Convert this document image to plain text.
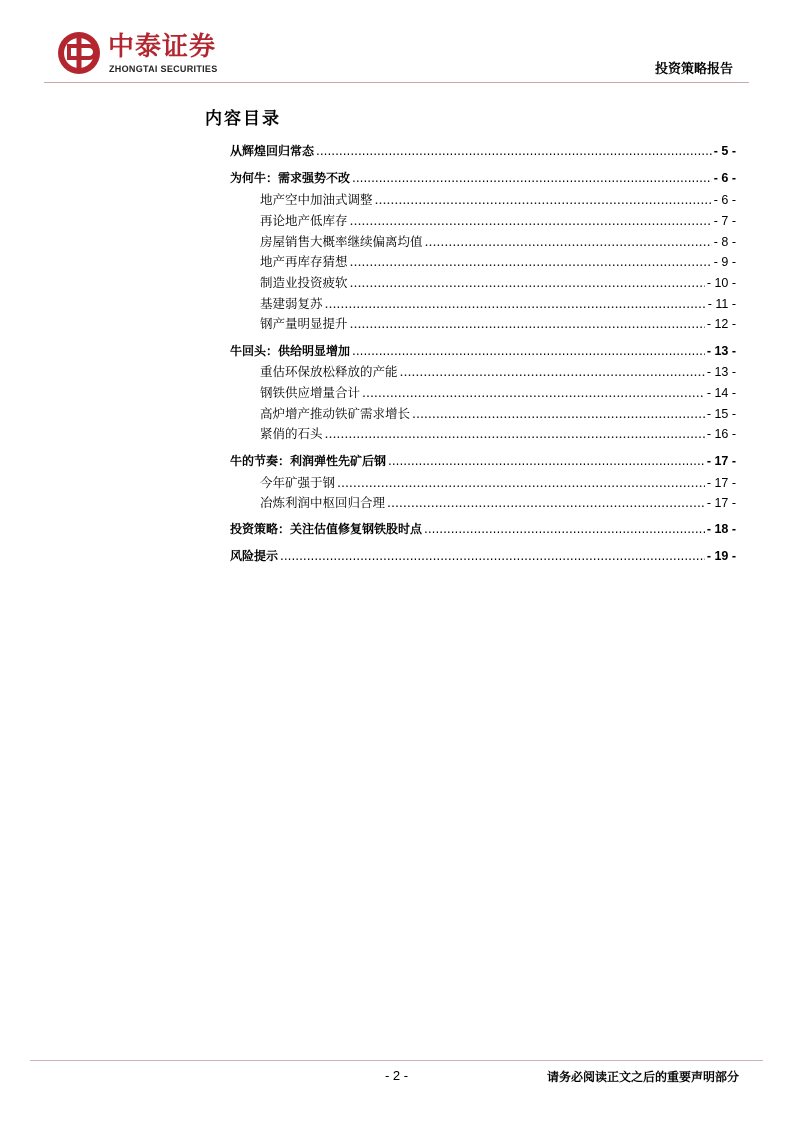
中泰证券
ZHONGTAI SECURITIES	投资策略报告
内容目录
从辉煌回归常态 .....	- 5 -
为何牛：需求强势不改 .....	- 6 -
地产空中加油式调整 .....	- 6 -
再论地产低库存 .....	- 7 -
房屋销售大概率继续偏离均值 .....	- 8 -
地产再库存猜想 .....	- 9 -
制造业投资疲软 .....	- 10 -
基建弱复苏 .....	- 11 -
钢产量明显提升 .....	- 12 -
牛回头：供给明显增加 .....	- 13 -
重估环保放松释放的产能 .....	- 13 -
钢铁供应增量合计 .....	- 14 -
高炉增产推动铁矿需求增长 .....	- 15 -
紧俏的石头 .....	- 16 -
牛的节奏：利润弹性先矿后钢 .....	- 17 -
今年矿强于钢 .....	- 17 -
冶炼利润中枢回归合理 .....	- 17 -
投资策略：关注估值修复钢铁股时点 .....	- 18 -
风险提示 .....	- 19 -
- 2 -	请务必阅读正文之后的重要声明部分
